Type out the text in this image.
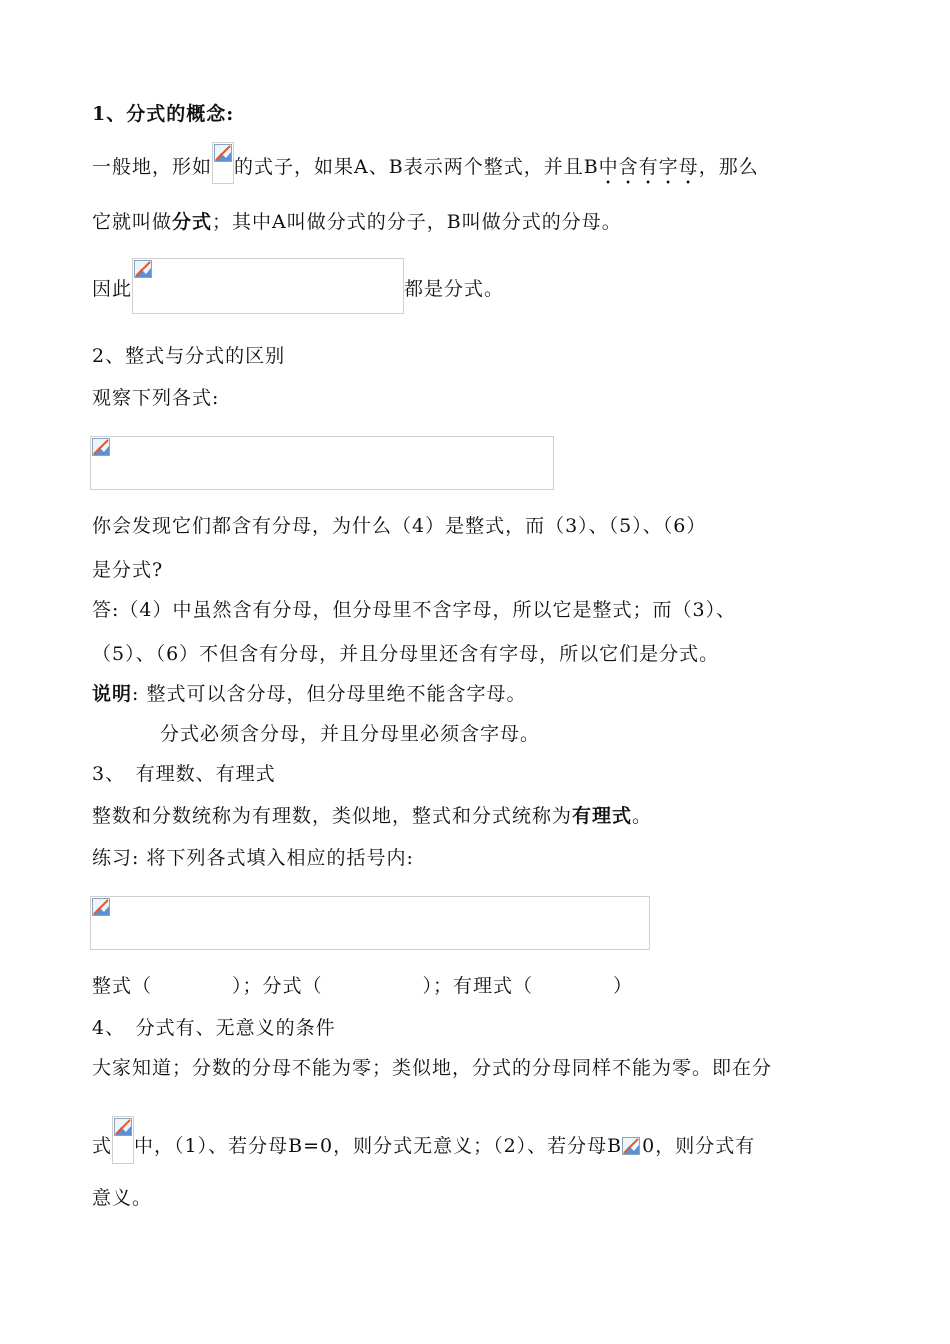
1、分式的概念:
一般地，形如 的式子，如果A、B表示两个整式，并且B中含有字母，那么
它就叫做分式；其中A叫做分式的分子，B叫做分式的分母。
因此	都是分式。
2、整式与分式的区别
观察下列各式:
你会发现它们都含有分母，为什么（4）是整式，而（3）、（5）、（6）
是分式?
答:（4）中虽然含有分母，但分母里不含字母，所以它是整式；而（3）、
（5）、（6）不但含有分母，并且分母里还含有字母，所以它们是分式。
说明: 整式可以含分母，但分母里绝不能含字母。
分式必须含分母，并且分母里必须含字母。
3、　有理数、有理式
整数和分数统称为有理数，类似地，整式和分式统称为有理式。
练习: 将下列各式填入相应的括号内:
整式（　　　　）；分式（　　　　　）；有理式（　　　　）
4、　分式有、无意义的条件
大家知道；分数的分母不能为零；类似地，分式的分母同样不能为零。即在分
式 中，（1）、若分母B=0，则分式无意义；（2）、若分母B 0，则分式有
意义。
